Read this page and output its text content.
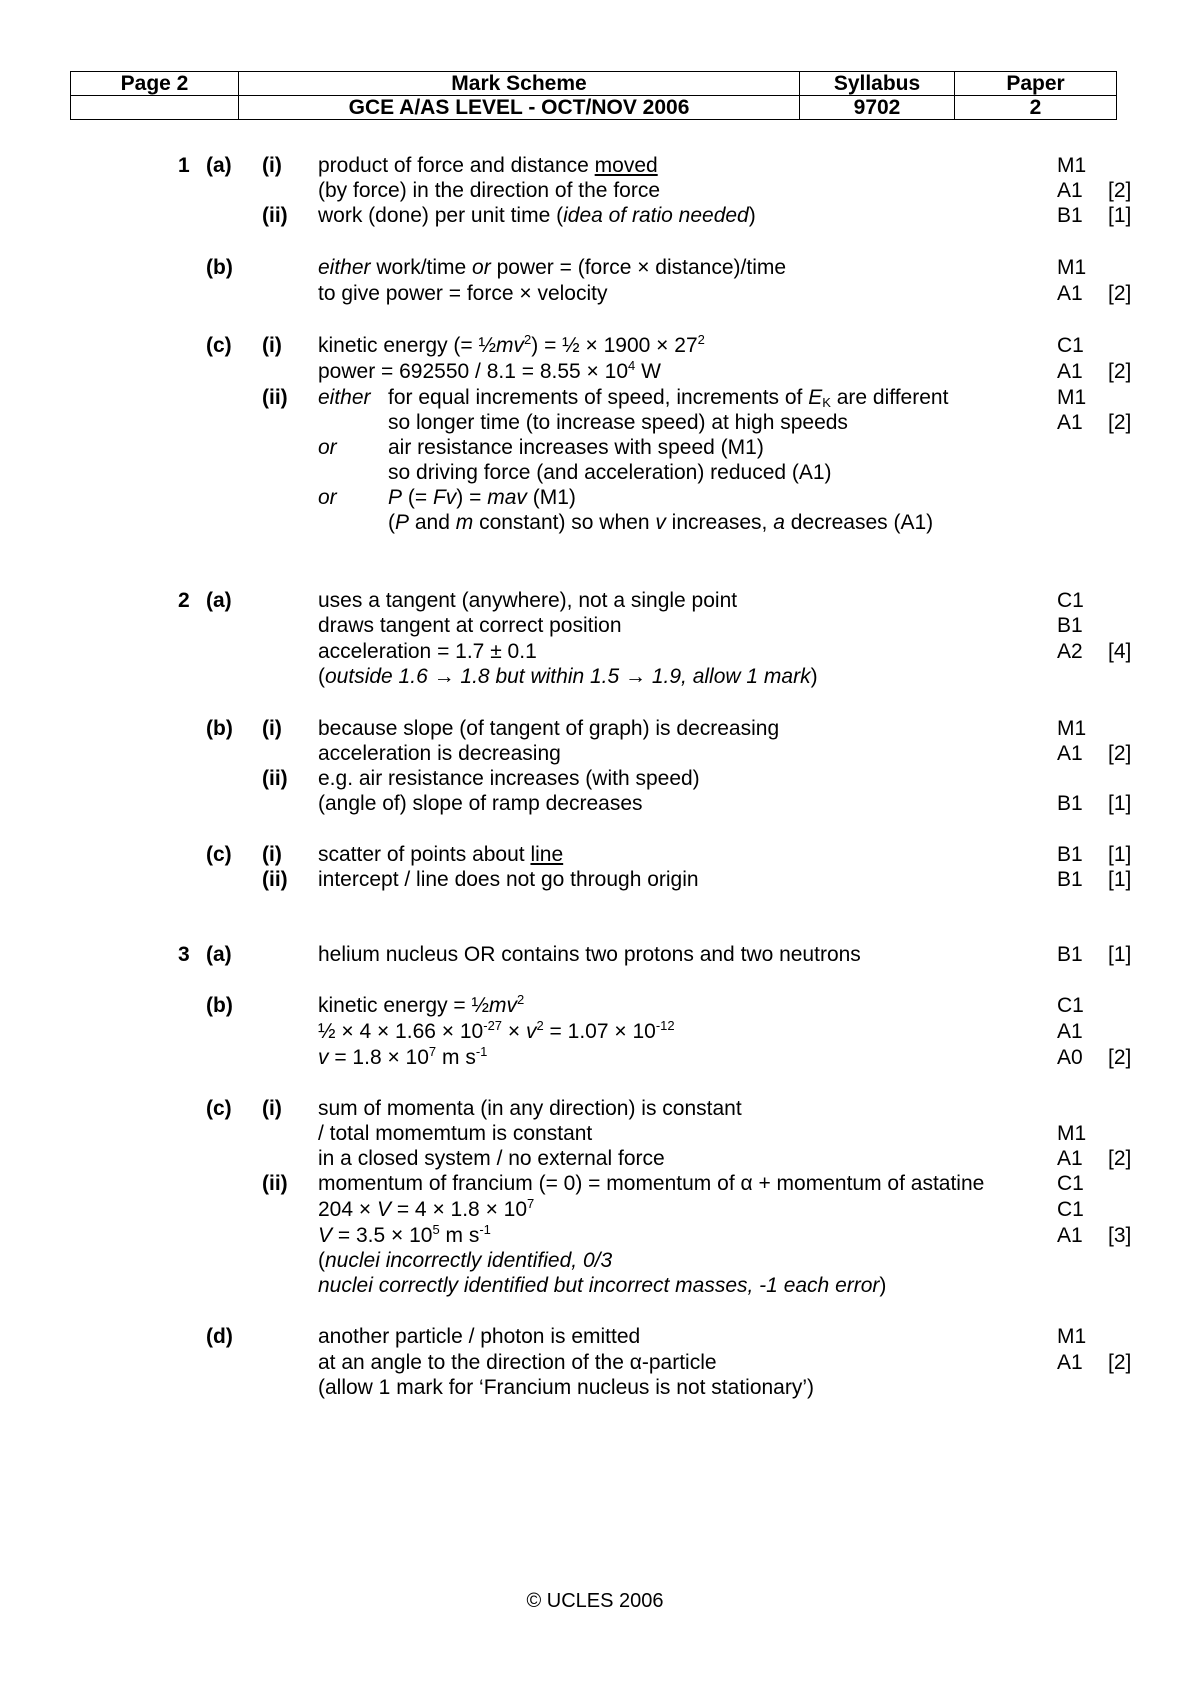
Page 2	Mark Scheme	Syllabus	Paper
	GCE A/AS LEVEL - OCT/NOV 2006	9702	2
1 (a) (i) product of force and distance moved	M1
(by force) in the direction of the force	A1 [2]
(ii) work (done) per unit time (idea of ratio needed)	B1 [1]
(b)	either work/time or power = (force × distance)/time	M1
to give power = force × velocity	A1 [2]
(c) (i) kinetic energy (= $\frac{1}{2}mv^2$) = ½ × $1900 \times 27^2$	C1
power = $692550 / 8.1 = 8.55 \times 10^4$ W	A1 [2]
(ii) either for equal increments of speed, increments of $E_K$ are different	M1
so longer time (to increase speed) at high speeds	A1 [2]
or air resistance increases with speed (M1)
so driving force (and acceleration) reduced (A1)
or P (= Fv) = mav (M1)
(P and m constant) so when v increases, a decreases (A1)
2 (a)	uses a tangent (anywhere), not a single point	C1
draws tangent at correct position	B1
acceleration = 1.7 ± 0.1	A2 [4]
(outside 1.6 → 1.8 but within 1.5 → 1.9, allow 1 mark)
(b) (i) because slope (of tangent of graph) is decreasing	M1
acceleration is decreasing	A1 [2]
(ii) e.g. air resistance increases (with speed)
(angle of) slope of ramp decreases	B1 [1]
(c) (i) scatter of points about line	B1 [1]
(ii) intercept / line does not go through origin	B1 [1]
3 (a)	helium nucleus OR contains two protons and two neutrons	B1 [1]
(b)	kinetic energy = $\frac{1}{2}mv^2$	C1
½ × $4 \times 1.66 \times 10^{-27} \times v^2 = 1.07 \times 10^{-12}$	A1
$v = 1.8 \times 10^7$ m $s^{-1}$	A0 [2]
(c) (i) sum of momenta (in any direction) is constant
/ total momemtum is constant	M1
in a closed system / no external force	A1 [2]
(ii) momentum of francium (= 0) = momentum of α + momentum of astatine	C1
$204 \times V = 4 \times 1.8 \times 10^7$	C1
$V = 3.5 \times 10^5$ m $s^{-1}$	A1 [3]
(nuclei incorrectly identified, 0/3
nuclei correctly identified but incorrect masses, -1 each error)
(d)	another particle / photon is emitted	M1
at an angle to the direction of the α-particle	A1 [2]
(allow 1 mark for ‘Francium nucleus is not stationary’)
© UCLES 2006
